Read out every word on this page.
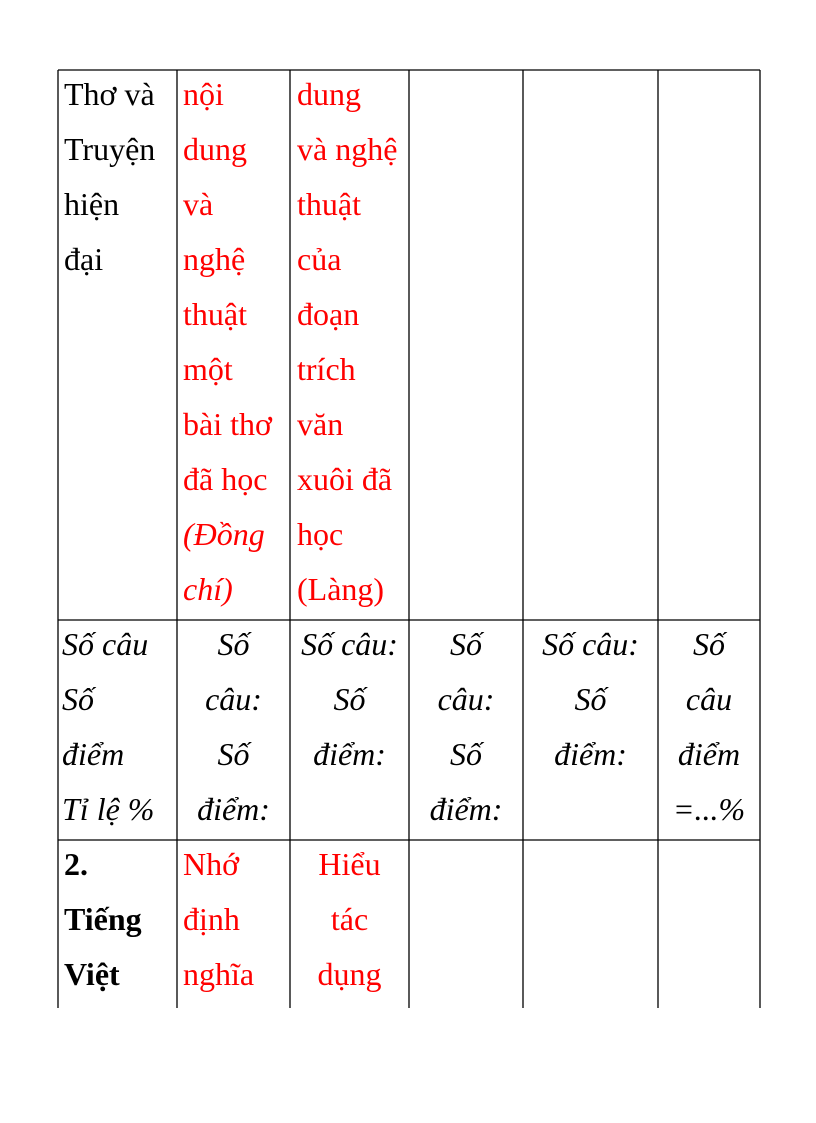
Thơ và
Truyện
hiện
đại
nội
dung
và
nghệ
thuật
một
bài thơ
đã học
(Đồng
chí)
dung
và nghệ
thuật
của
đoạn
trích
văn
xuôi đã
học
(Làng)
Số câu
Số
điểm
Tỉ lệ %
Số
câu:
Số
điểm:
Số câu:
Số
điểm:
Số
câu:
Số
điểm:
Số câu:
Số
điểm:
Số
câu
điểm
=...%
2.
Tiếng
Việt
Nhớ
định
nghĩa
Hiểu
tác
dụng
